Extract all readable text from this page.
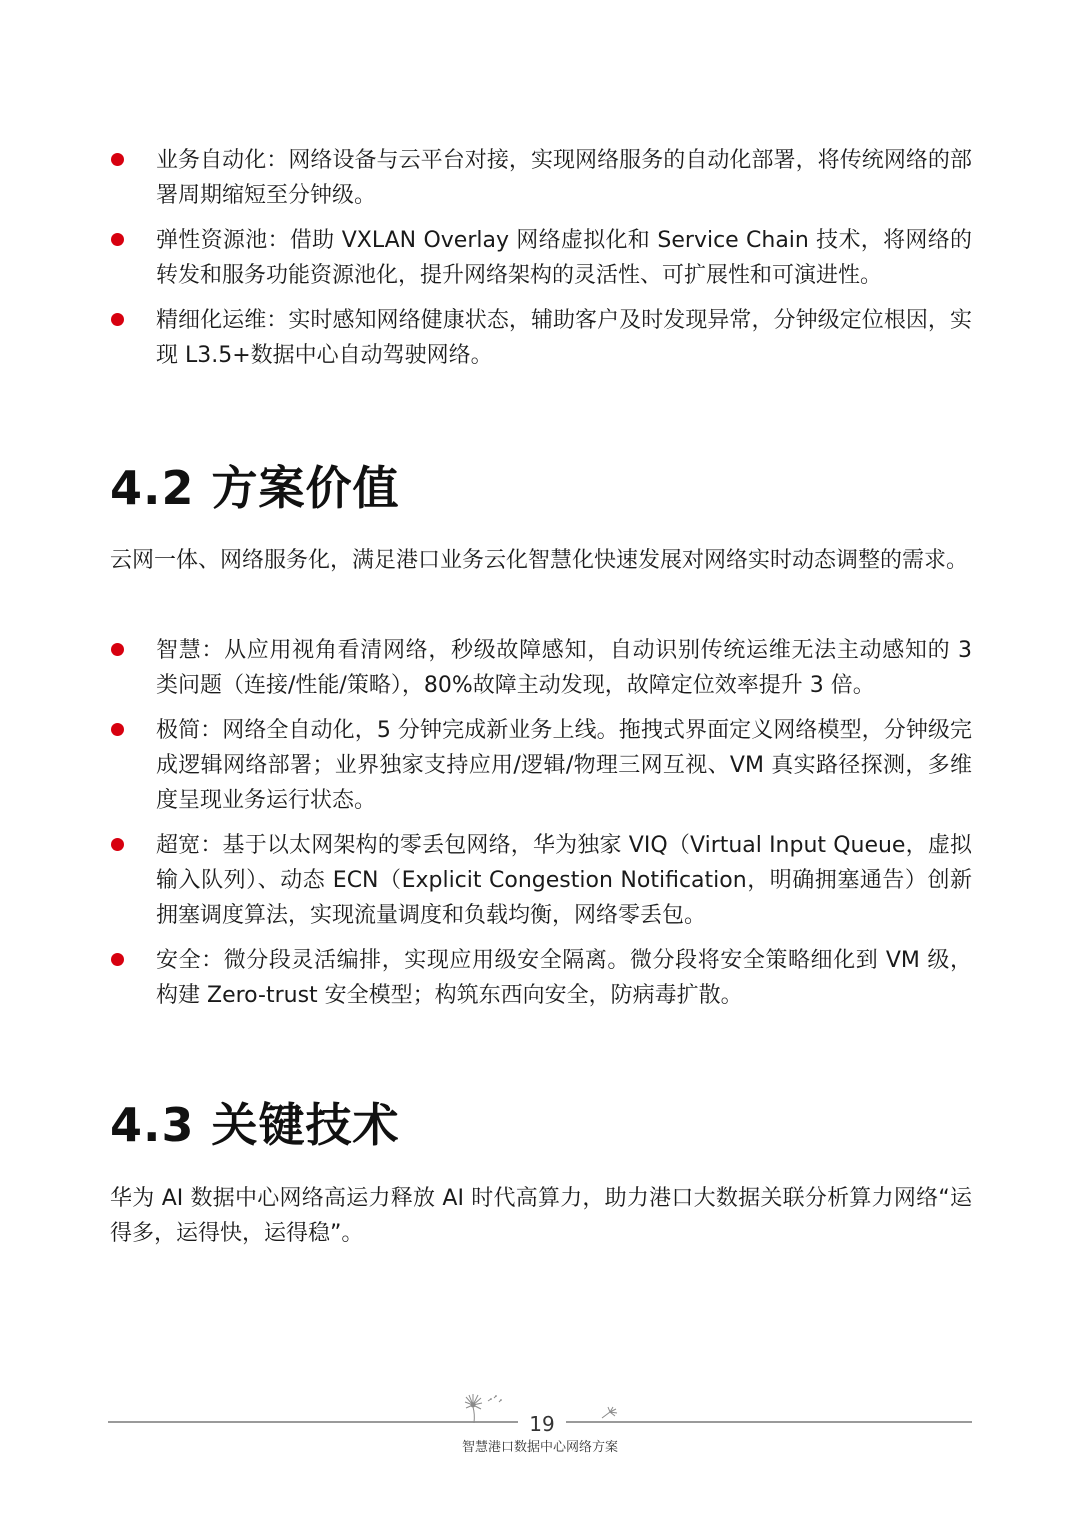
业务自动化：网络设备与云平台对接，实现网络服务的自动化部署，将传统网络的部署周期缩短至分钟级。
弹性资源池：借助 VXLAN Overlay 网络虚拟化和 Service Chain 技术，将网络的转发和服务功能资源池化，提升网络架构的灵活性、可扩展性和可演进性。
精细化运维：实时感知网络健康状态，辅助客户及时发现异常，分钟级定位根因，实现 L3.5+数据中心自动驾驶网络。
4.2 方案价值

云网一体、网络服务化，满足港口业务云化智慧化快速发展对网络实时动态调整的需求。

智慧：从应用视角看清网络，秒级故障感知，自动识别传统运维无法主动感知的 3 类问题（连接/性能/策略），80%故障主动发现，故障定位效率提升 3 倍。
极简：网络全自动化，5 分钟完成新业务上线。拖拽式界面定义网络模型，分钟级完成逻辑网络部署；业界独家支持应用/逻辑/物理三网互视、VM 真实路径探测，多维度呈现业务运行状态。
超宽：基于以太网架构的零丢包网络，华为独家 VIQ（Virtual Input Queue，虚拟输入队列）、动态 ECN（Explicit Congestion Notification，明确拥塞通告）创新拥塞调度算法，实现流量调度和负载均衡，网络零丢包。
安全：微分段灵活编排，实现应用级安全隔离。微分段将安全策略细化到 VM 级，构建 Zero-trust 安全模型；构筑东西向安全，防病毒扩散。
4.3 关键技术

华为 AI 数据中心网络高运力释放 AI 时代高算力，助力港口大数据关联分析算力网络“运得多，运得快，运得稳”。

19
智慧港口数据中心网络方案
